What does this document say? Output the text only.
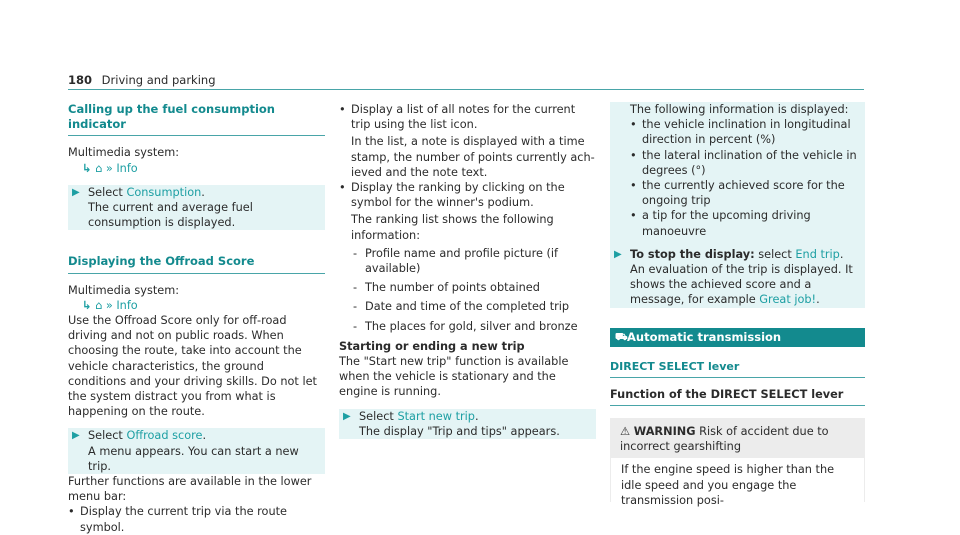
180 Driving and parking
Calling up the fuel consumption indicator

Multimedia system:

↳ ⌂ » Info

▶ Select Consumption.
The current and average fuel consumption is displayed.
Displaying the Offroad Score

Multimedia system:

↳ ⌂ » Info

Use the Offroad Score only for off-road driving and not on public roads. When choosing the route, take into account the vehicle characteristics, the ground conditions and your driving skills. Do not let the system distract you from what is happening on the route.

▶ Select Offroad score.
A menu appears. You can start a new trip.

Further functions are available in the lower menu bar:

• Display the current trip via the route symbol.
• Display a list of all notes for the current trip using the list icon.
In the list, a note is displayed with a time stamp, the number of points currently achieved and the note text.
• Display the ranking by clicking on the symbol for the winner's podium.
The ranking list shows the following information:
- Profile name and profile picture (if available)
- The number of points obtained
- Date and time of the completed trip
- The places for gold, silver and bronze

Starting or ending a new trip

The "Start new trip" function is available when the vehicle is stationary and the engine is running.

▶ Select Start new trip.
The display "Trip and tips" appears.
The following information is displayed:
• the vehicle inclination in longitudinal direction in percent (%)
• the lateral inclination of the vehicle in degrees (°)
• the currently achieved score for the ongoing trip
• a tip for the upcoming driving manoeuvre
▶ To stop the display: select End trip.
An evaluation of the trip is displayed. It shows the achieved score and a message, for example Great job!.
⛟ Automatic transmission
DIRECT SELECT lever
Function of the DIRECT SELECT lever
⚠ WARNING Risk of accident due to incorrect gearshifting
If the engine speed is higher than the idle speed and you engage the transmission posi-
